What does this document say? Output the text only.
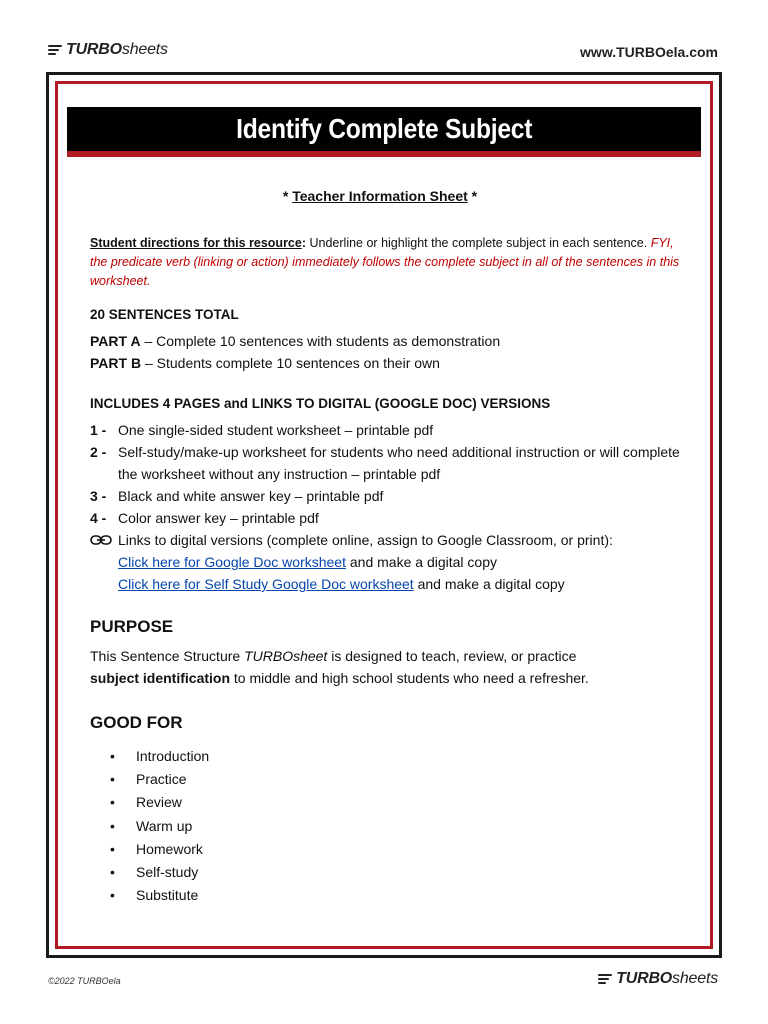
TURBOsheets	www.TURBOela.com
Identify Complete Subject
* Teacher Information Sheet *
Student directions for this resource: Underline or highlight the complete subject in each sentence. FYI, the predicate verb (linking or action) immediately follows the complete subject in all of the sentences in this worksheet.
20 SENTENCES TOTAL
PART A – Complete 10 sentences with students as demonstration
PART B – Students complete 10 sentences on their own
INCLUDES 4 PAGES and LINKS TO DIGITAL (GOOGLE DOC) VERSIONS
1 - One single-sided student worksheet – printable pdf
2 - Self-study/make-up worksheet for students who need additional instruction or will complete the worksheet without any instruction – printable pdf
3 - Black and white answer key – printable pdf
4 - Color answer key – printable pdf
Links to digital versions (complete online, assign to Google Classroom, or print):
Click here for Google Doc worksheet and make a digital copy
Click here for Self Study Google Doc worksheet and make a digital copy
PURPOSE
This Sentence Structure TURBOsheet is designed to teach, review, or practice
subject identification to middle and high school students who need a refresher.
GOOD FOR
•	Introduction
•	Practice
•	Review
•	Warm up
•	Homework
•	Self-study
•	Substitute
©2022 TURBOela	TURBOsheets
